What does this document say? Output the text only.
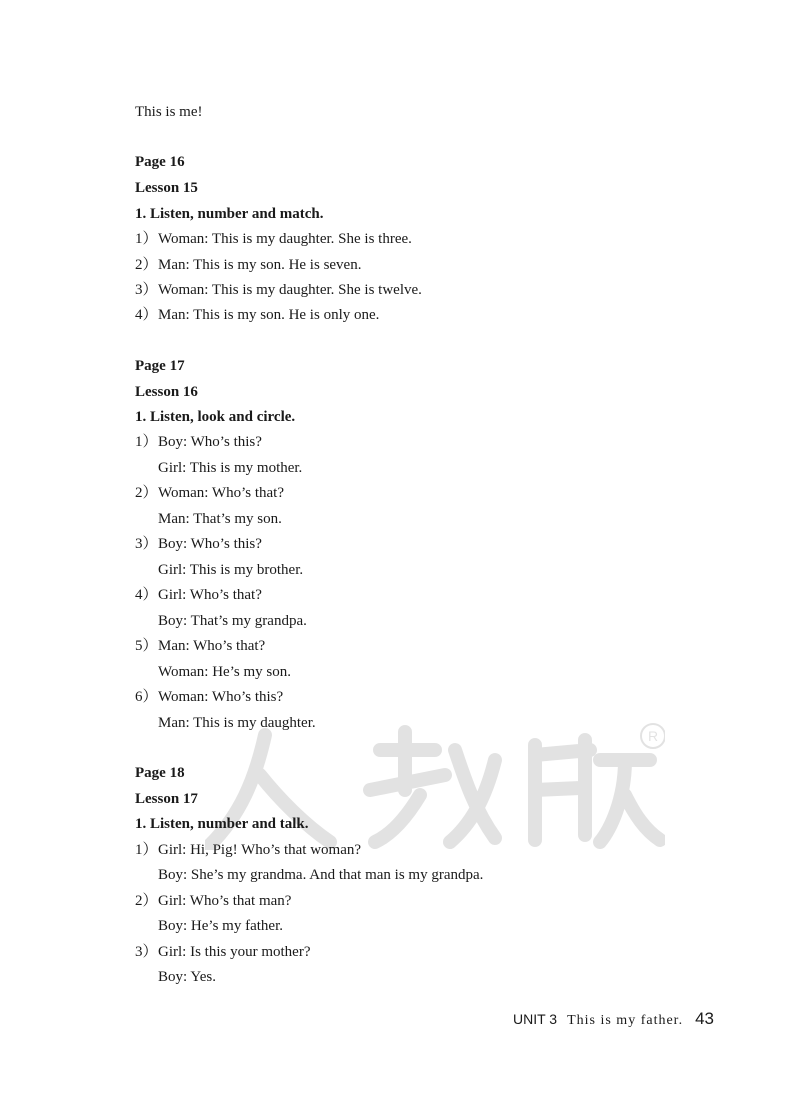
R
This is me!
Page 16
Lesson 15
1. Listen, number and match.
1）Woman: This is my daughter. She is three.
2）Man: This is my son. He is seven.
3）Woman: This is my daughter. She is twelve.
4）Man: This is my son. He is only one.
Page 17
Lesson 16
1. Listen, look and circle.
1）Boy: Who’s this?
Girl: This is my mother.
2）Woman: Who’s that?
Man: That’s my son.
3）Boy: Who’s this?
Girl: This is my brother.
4）Girl: Who’s that?
Boy: That’s my grandpa.
5）Man: Who’s that?
Woman: He’s my son.
6）Woman: Who’s this?
Man: This is my daughter.
Page 18
Lesson 17
1. Listen, number and talk.
1）Girl: Hi, Pig! Who’s that woman?
Boy: She’s my grandma. And that man is my grandpa.
2）Girl: Who’s that man?
Boy: He’s my father.
3）Girl: Is this your mother?
Boy: Yes.
UNIT 3 This is my father. 43
